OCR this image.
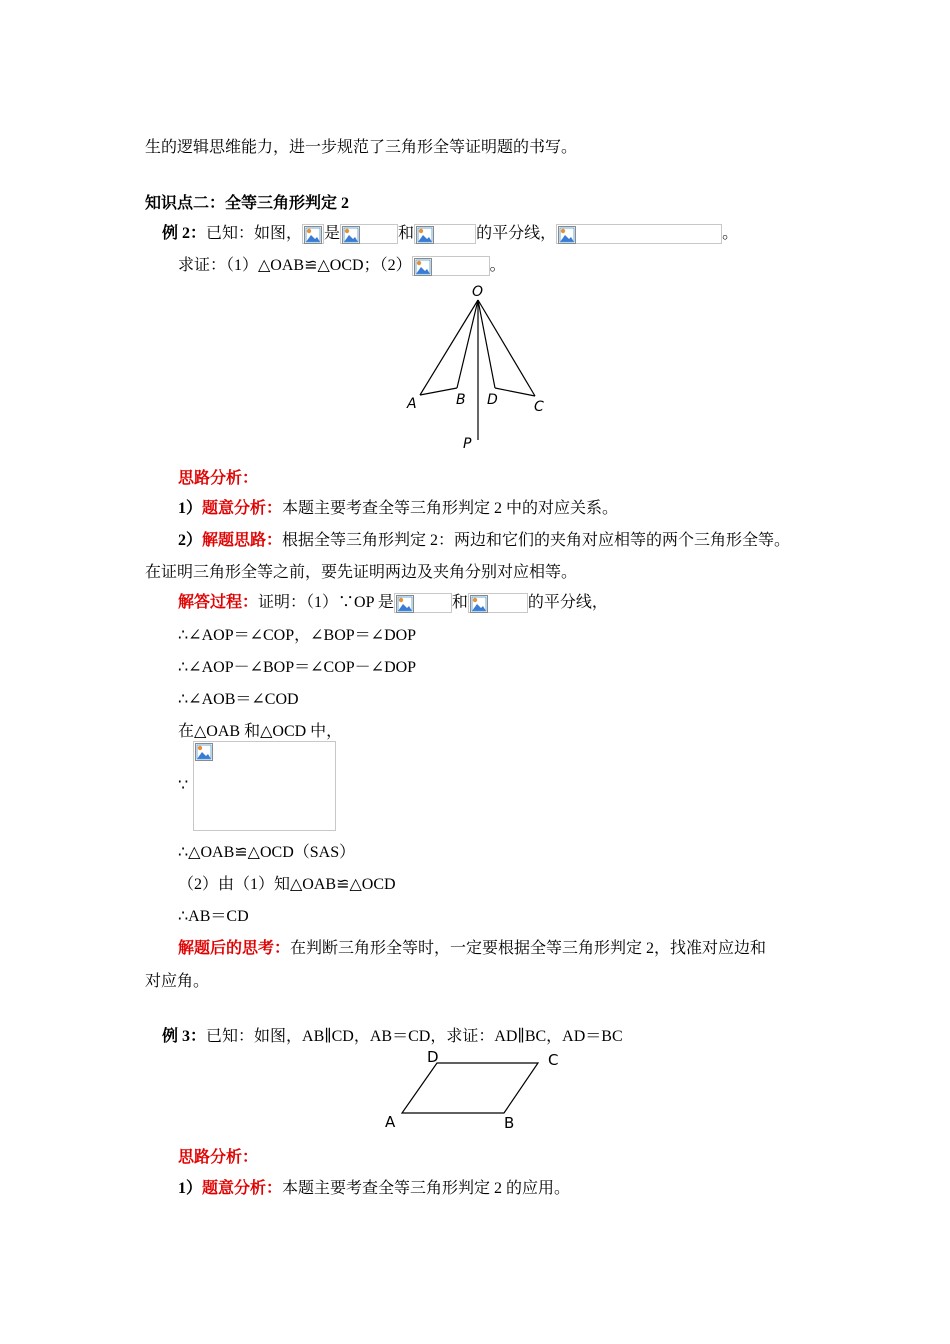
生的逻辑思维能力，进一步规范了三角形全等证明题的书写。
知识点二：全等三角形判定 2
例 2：已知：如图， 是	和	的平分线，	。
求证：（1）△OAB≌△OCD；（2）	。
O
A	B D	C
P
思路分析：
1）题意分析：本题主要考查全等三角形判定 2 中的对应关系。
2）解题思路：根据全等三角形判定 2：两边和它们的夹角对应相等的两个三角形全等。
在证明三角形全等之前，要先证明两边及夹角分别对应相等。
解答过程：证明：（1）∵OP 是	和	的平分线，
∴∠AOP＝∠COP，∠BOP＝∠DOP
∴∠AOP－∠BOP＝∠COP－∠DOP
∴∠AOB＝∠COD
在△OAB 和△OCD 中，
∵
∴△OAB≌△OCD（SAS）
（2）由（1）知△OAB≌△OCD
∴AB＝CD
解题后的思考：在判断三角形全等时，一定要根据全等三角形判定 2，找准对应边和
对应角。
例 3：已知：如图，AB∥CD，AB＝CD，求证：AD∥BC，AD＝BC
A	B
C
D
思路分析：
1）题意分析：本题主要考查全等三角形判定 2 的应用。
